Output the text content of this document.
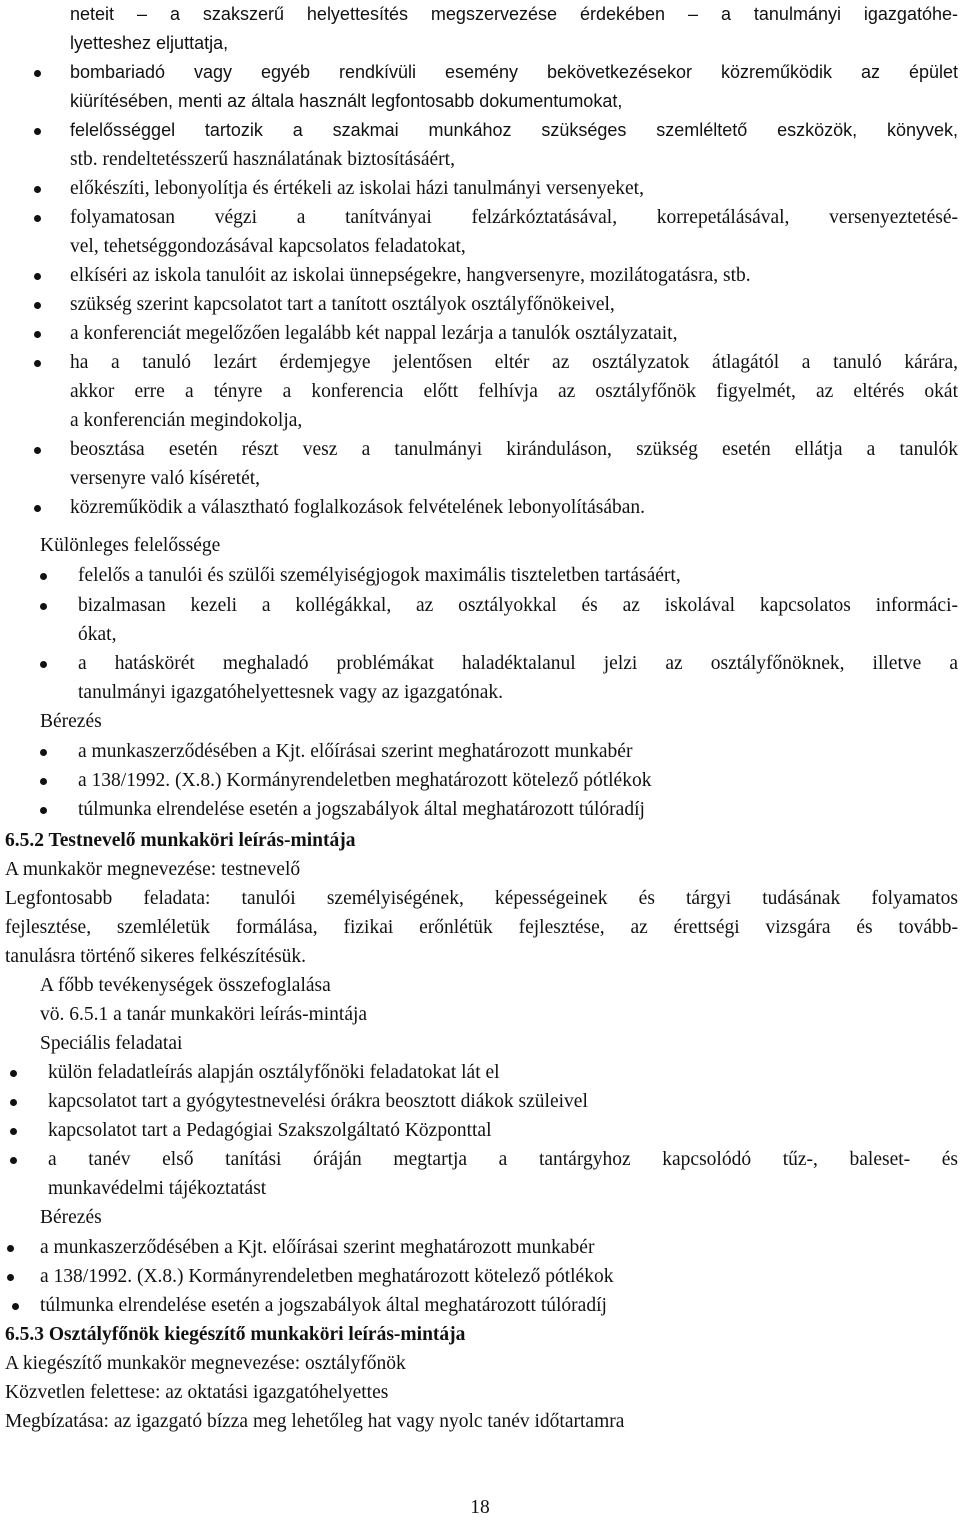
neteit – a szakszerű helyettesítés megszervezése érdekében – a tanulmányi igazgatóhe-
lyetteshez eljuttatja,
bombariadó vagy egyéb rendkívüli esemény bekövetkezésekor közreműködik az épület
kiürítésében, menti az általa használt legfontosabb dokumentumokat,
felelősséggel tartozik a szakmai munkához szükséges szemléltető eszközök, könyvek,
stb. rendeltetésszerű használatának biztosításáért,
előkészíti, lebonyolítja és értékeli az iskolai házi tanulmányi versenyeket,
folyamatosan végzi a tanítványai felzárkóztatásával, korrepetálásával, versenyeztetésé-
vel, tehetséggondozásával kapcsolatos feladatokat,
elkíséri az iskola tanulóit az iskolai ünnepségekre, hangversenyre, mozilátogatásra, stb.
szükség szerint kapcsolatot tart a tanított osztályok osztályfőnökeivel,
a konferenciát megelőzően legalább két nappal lezárja a tanulók osztályzatait,
ha a tanuló lezárt érdemjegye jelentősen eltér az osztályzatok átlagától a tanuló kárára,
akkor erre a tényre a konferencia előtt felhívja az osztályfőnök figyelmét, az eltérés okát
a konferencián megindokolja,
beosztása esetén részt vesz a tanulmányi kiránduláson, szükség esetén ellátja a tanulók
versenyre való kíséretét,
közreműködik a választható foglalkozások felvételének lebonyolításában.
Különleges felelőssége
felelős a tanulói és szülői személyiségjogok maximális tiszteletben tartásáért,
bizalmasan kezeli a kollégákkal, az osztályokkal és az iskolával kapcsolatos informáci-
ókat,
a hatáskörét meghaladó problémákat haladéktalanul jelzi az osztályfőnöknek, illetve a
tanulmányi igazgatóhelyettesnek vagy az igazgatónak.
Bérezés
a munkaszerződésében a Kjt. előírásai szerint meghatározott munkabér
a 138/1992. (X.8.) Kormányrendeletben meghatározott kötelező pótlékok
túlmunka elrendelése esetén a jogszabályok által meghatározott túlóradíj
6.5.2 Testnevelő munkaköri leírás-mintája
A munkakör megnevezése: testnevelő
Legfontosabb feladata: tanulói személyiségének, képességeinek és tárgyi tudásának folyamatos
fejlesztése, szemléletük formálása, fizikai erőnlétük fejlesztése, az érettségi vizsgára és tovább-
tanulásra történő sikeres felkészítésük.
A főbb tevékenységek összefoglalása
vö. 6.5.1 a tanár munkaköri leírás-mintája
Speciális feladatai
külön feladatleírás alapján osztályfőnöki feladatokat lát el
kapcsolatot tart a gyógytestnevelési órákra beosztott diákok szüleivel
kapcsolatot tart a Pedagógiai Szakszolgáltató Központtal
a tanév első tanítási óráján megtartja a tantárgyhoz kapcsolódó tűz-, baleset- és
munkavédelmi tájékoztatást
Bérezés
a munkaszerződésében a Kjt. előírásai szerint meghatározott munkabér
a 138/1992. (X.8.) Kormányrendeletben meghatározott kötelező pótlékok
túlmunka elrendelése esetén a jogszabályok által meghatározott túlóradíj
6.5.3 Osztályfőnök kiegészítő munkaköri leírás-mintája
A kiegészítő munkakör megnevezése: osztályfőnök
Közvetlen felettese: az oktatási igazgatóhelyettes
Megbízatása: az igazgató bízza meg lehetőleg hat vagy nyolc tanév időtartamra
18
